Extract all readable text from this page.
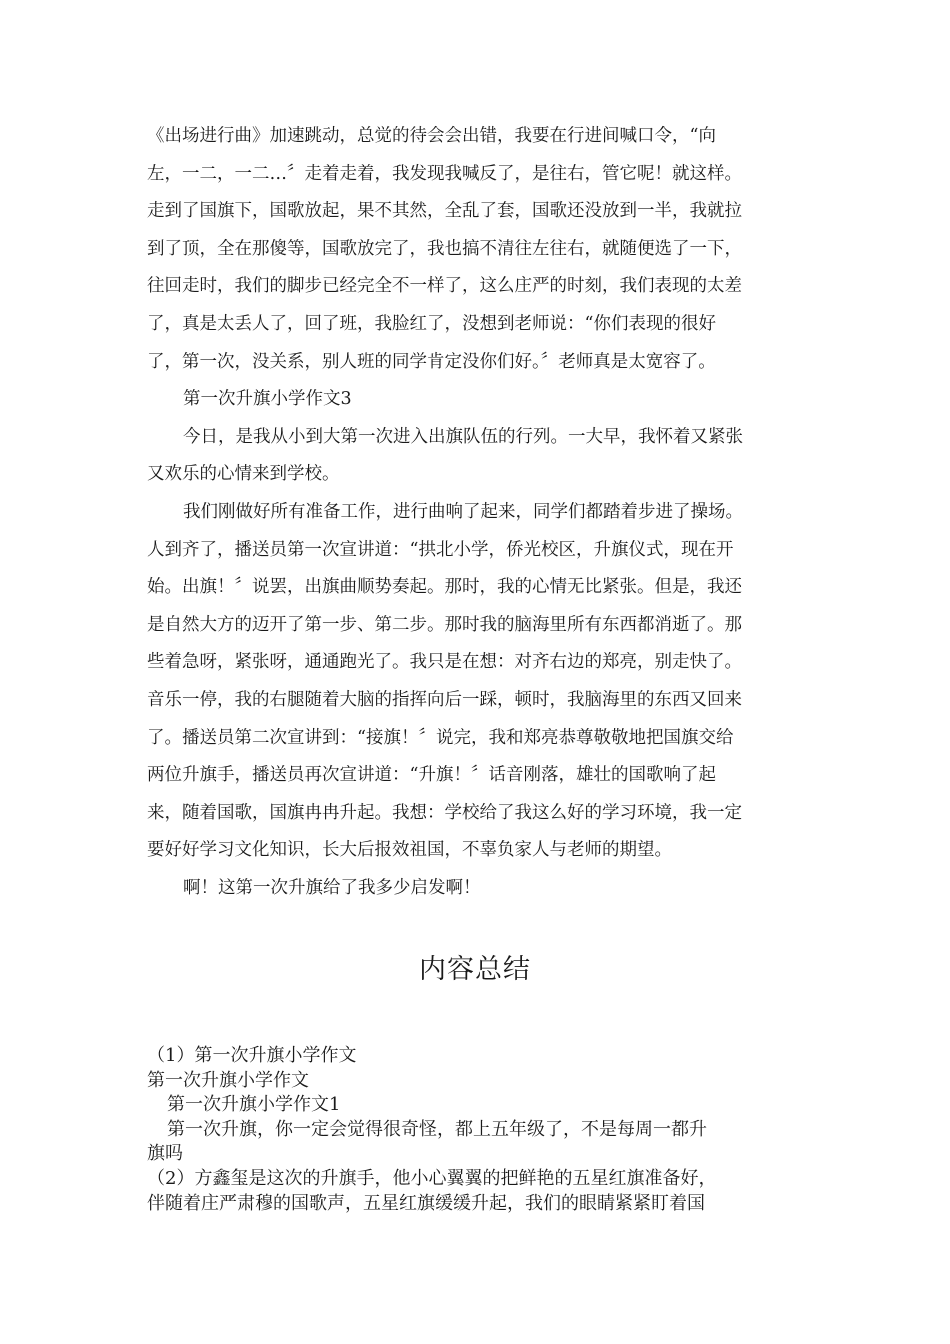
《出场进行曲》加速跳动，总觉的待会会出错，我要在行进间喊口令，“向
左，一二，一二…〞走着走着，我发现我喊反了，是往右，管它呢！就这样。
走到了国旗下，国歌放起，果不其然，全乱了套，国歌还没放到一半，我就拉
到了顶，全在那傻等，国歌放完了，我也搞不清往左往右，就随便选了一下，
往回走时，我们的脚步已经完全不一样了，这么庄严的时刻，我们表现的太差
了，真是太丢人了，回了班，我脸红了，没想到老师说：“你们表现的很好
了，第一次，没关系，别人班的同学肯定没你们好。〞老师真是太宽容了。
第一次升旗小学作文3
今日，是我从小到大第一次进入出旗队伍的行列。一大早，我怀着又紧张
又欢乐的心情来到学校。
我们刚做好所有准备工作，进行曲响了起来，同学们都踏着步进了操场。
人到齐了，播送员第一次宣讲道：“拱北小学，侨光校区，升旗仪式，现在开
始。出旗！〞说罢，出旗曲顺势奏起。那时，我的心情无比紧张。但是，我还
是自然大方的迈开了第一步、第二步。那时我的脑海里所有东西都消逝了。那
些着急呀，紧张呀，通通跑光了。我只是在想：对齐右边的郑亮，别走快了。
音乐一停，我的右腿随着大脑的指挥向后一踩，顿时，我脑海里的东西又回来
了。播送员第二次宣讲到：“接旗！〞说完，我和郑亮恭尊敬敬地把国旗交给
两位升旗手，播送员再次宣讲道：“升旗！〞话音刚落，雄壮的国歌响了起
来，随着国歌，国旗冉冉升起。我想：学校给了我这么好的学习环境，我一定
要好好学习文化知识，长大后报效祖国，不辜负家人与老师的期望。
啊！这第一次升旗给了我多少启发啊！
内容总结
（1）第一次升旗小学作文
第一次升旗小学作文
第一次升旗小学作文1
第一次升旗，你一定会觉得很奇怪，都上五年级了，不是每周一都升
旗吗
（2）方鑫玺是这次的升旗手，他小心翼翼的把鲜艳的五星红旗准备好，
伴随着庄严肃穆的国歌声，五星红旗缓缓升起，我们的眼睛紧紧盯着国
